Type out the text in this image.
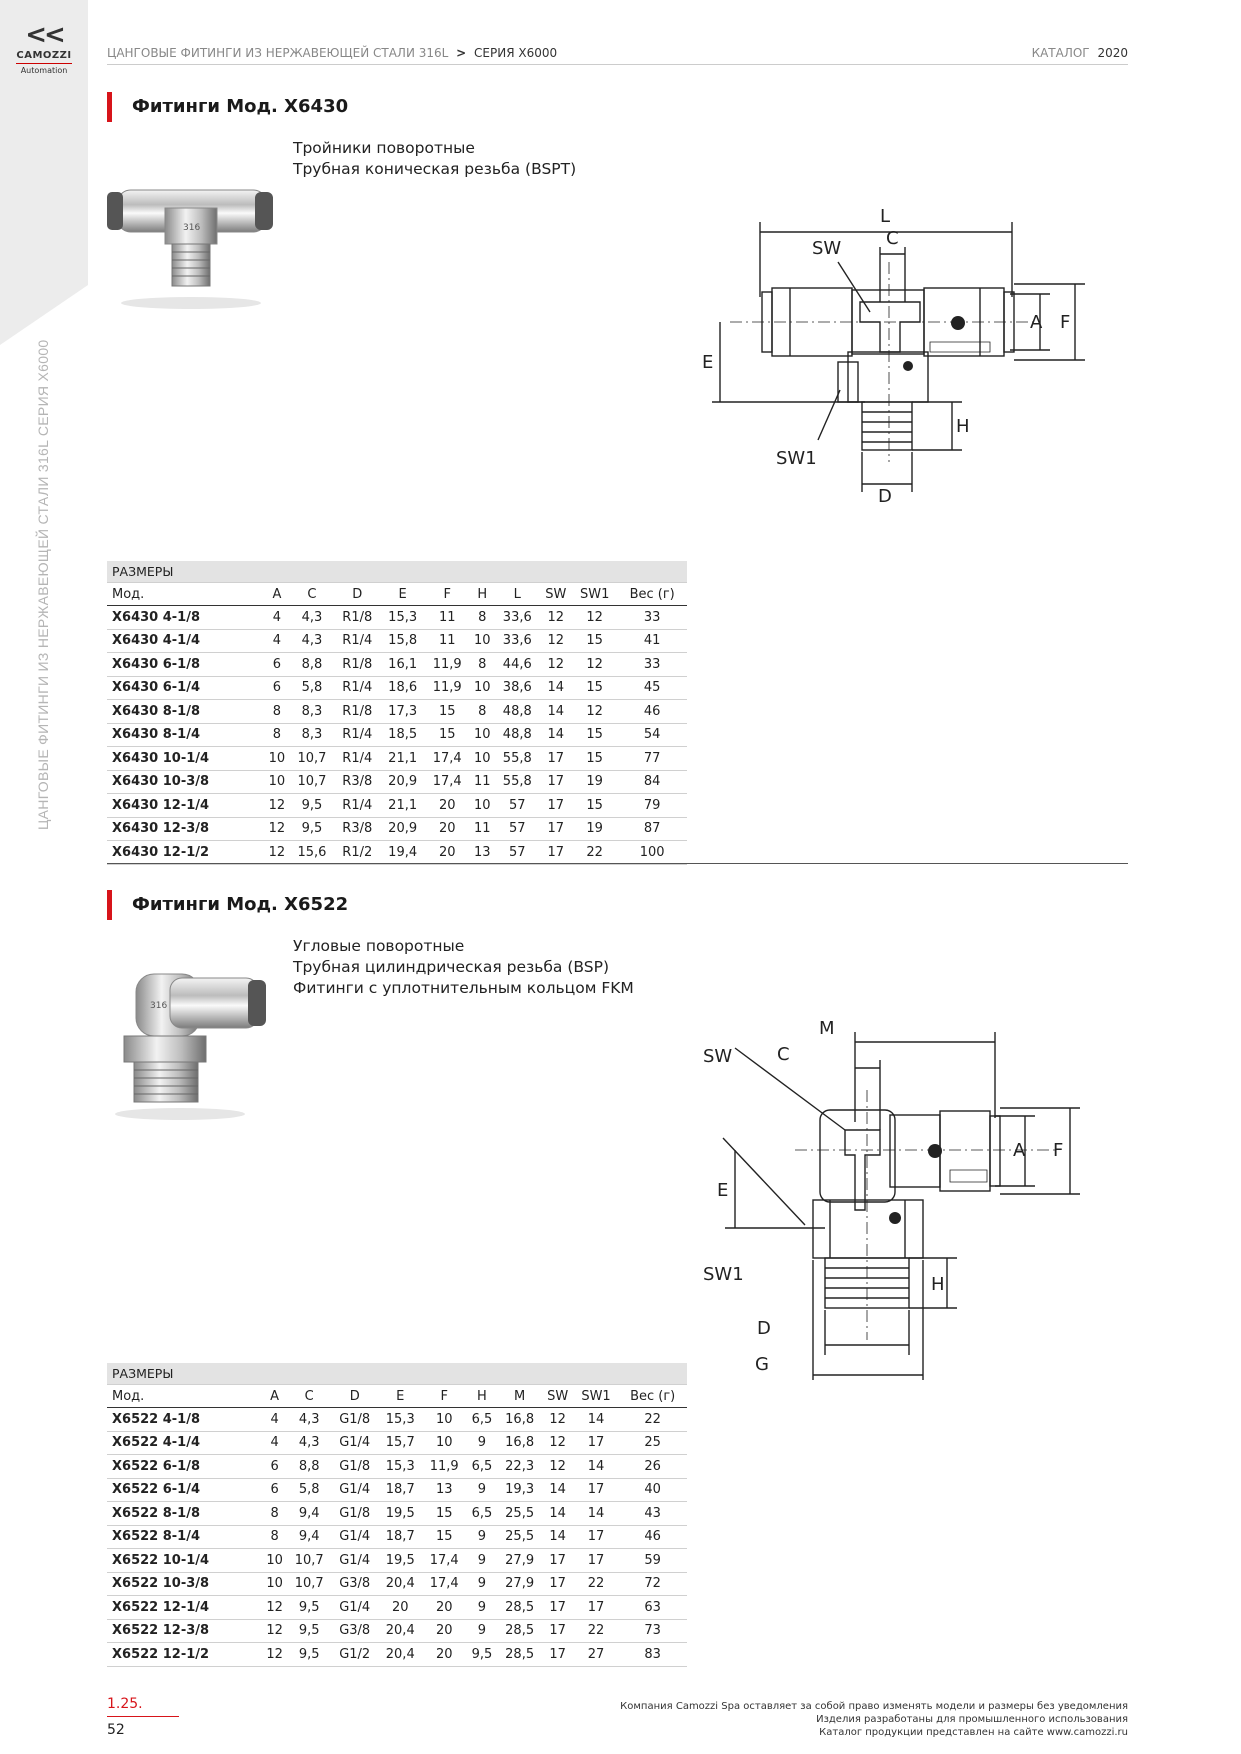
<<
CAMOZZI
Automation
ЦАНГОВЫЕ ФИТИНГИ ИЗ НЕРЖАВЕЮЩЕЙ СТАЛИ 316L СЕРИЯ X6000
ЦАНГОВЫЕ ФИТИНГИ ИЗ НЕРЖАВЕЮЩЕЙ СТАЛИ 316L > СЕРИЯ X6000	КАТАЛОГ 2020
Фитинги Мод. X6430
Тройники поворотные
Трубная коническая резьба (BSPT)
316
L
SW C
A F
E
H
SW1
D
РАЗМЕРЫ										
Мод.	A	C	D	E	F	H	L	SW	SW1	Вес (г)
X6430 4-1/8	4	4,3	R1/8	15,3	11	8	33,6	12	12	33
X6430 4-1/4	4	4,3	R1/4	15,8	11	10	33,6	12	15	41
X6430 6-1/8	6	8,8	R1/8	16,1	11,9	8	44,6	12	12	33
X6430 6-1/4	6	5,8	R1/4	18,6	11,9	10	38,6	14	15	45
X6430 8-1/8	8	8,3	R1/8	17,3	15	8	48,8	14	12	46
X6430 8-1/4	8	8,3	R1/4	18,5	15	10	48,8	14	15	54
X6430 10-1/4	10	10,7	R1/4	21,1	17,4	10	55,8	17	15	77
X6430 10-3/8	10	10,7	R3/8	20,9	17,4	11	55,8	17	19	84
X6430 12-1/4	12	9,5	R1/4	21,1	20	10	57	17	15	79
X6430 12-3/8	12	9,5	R3/8	20,9	20	11	57	17	19	87
X6430 12-1/2	12	15,6	R1/2	19,4	20	13	57	17	22	100
Фитинги Мод. X6522
Угловые поворотные
Трубная цилиндрическая резьба (BSP)
Фитинги с уплотнительным кольцом FKM
316
M
SW C
A F
E
H
SW1
D
G
РАЗМЕРЫ										
Мод.	A	C	D	E	F	H	M	SW	SW1	Вес (г)
X6522 4-1/8	4	4,3	G1/8	15,3	10	6,5	16,8	12	14	22
X6522 4-1/4	4	4,3	G1/4	15,7	10	9	16,8	12	17	25
X6522 6-1/8	6	8,8	G1/8	15,3	11,9	6,5	22,3	12	14	26
X6522 6-1/4	6	5,8	G1/4	18,7	13	9	19,3	14	17	40
X6522 8-1/8	8	9,4	G1/8	19,5	15	6,5	25,5	14	14	43
X6522 8-1/4	8	9,4	G1/4	18,7	15	9	25,5	14	17	46
X6522 10-1/4	10	10,7	G1/4	19,5	17,4	9	27,9	17	17	59
X6522 10-3/8	10	10,7	G3/8	20,4	17,4	9	27,9	17	22	72
X6522 12-1/4	12	9,5	G1/4	20	20	9	28,5	17	17	63
X6522 12-3/8	12	9,5	G3/8	20,4	20	9	28,5	17	22	73
X6522 12-1/2	12	9,5	G1/2	20,4	20	9,5	28,5	17	27	83
1.25.
52
Компания Camozzi Spa оставляет за собой право изменять модели и размеры без уведомления
Изделия разработаны для промышленного использования
Каталог продукции представлен на сайте www.camozzi.ru
